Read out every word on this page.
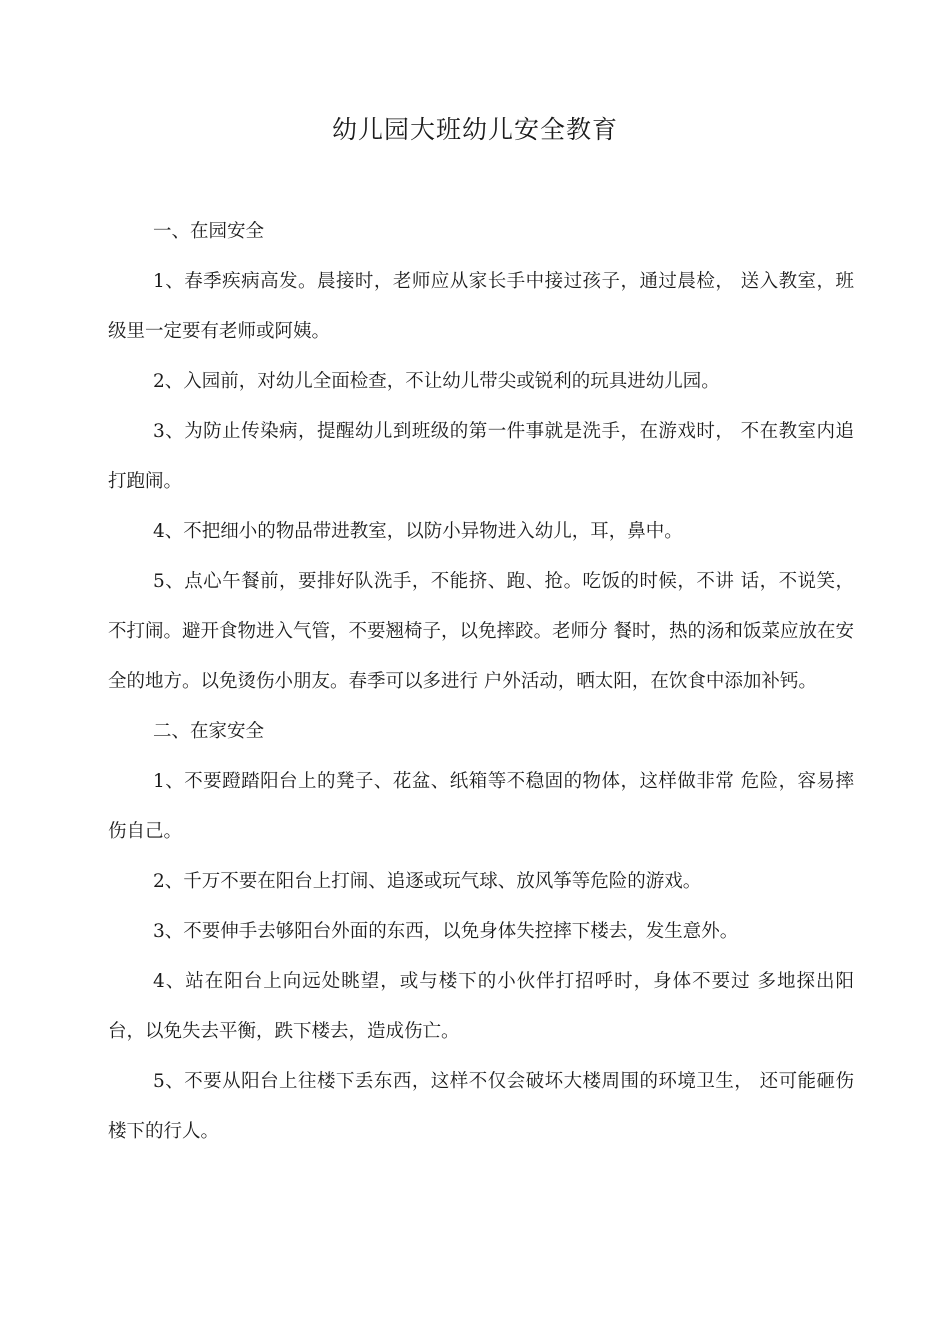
幼儿园大班幼儿安全教育

一、在园安全

1、春季疾病高发。晨接时，老师应从家长手中接过孩子，通过晨检， 送入教室，班级里一定要有老师或阿姨。

2、入园前，对幼儿全面检查，不让幼儿带尖或锐利的玩具进幼儿园。

3、为防止传染病，提醒幼儿到班级的第一件事就是洗手，在游戏时， 不在教室内追打跑闹。

4、不把细小的物品带进教室，以防小异物进入幼儿，耳，鼻中。

5、点心午餐前，要排好队洗手，不能挤、跑、抢。吃饭的时候，不讲 话，不说笑，不打闹。避开食物进入气管，不要翘椅子，以免摔跤。老师分 餐时，热的汤和饭菜应放在安全的地方。以免烫伤小朋友。春季可以多进行 户外活动，晒太阳，在饮食中添加补钙。

二、在家安全

1、不要蹬踏阳台上的凳子、花盆、纸箱等不稳固的物体，这样做非常 危险，容易摔伤自己。

2、千万不要在阳台上打闹、追逐或玩气球、放风筝等危险的游戏。

3、不要伸手去够阳台外面的东西，以免身体失控摔下楼去，发生意外。

4、站在阳台上向远处眺望，或与楼下的小伙伴打招呼时，身体不要过 多地探出阳台，以免失去平衡，跌下楼去，造成伤亡。

5、不要从阳台上往楼下丢东西，这样不仅会破坏大楼周围的环境卫生， 还可能砸伤楼下的行人。
